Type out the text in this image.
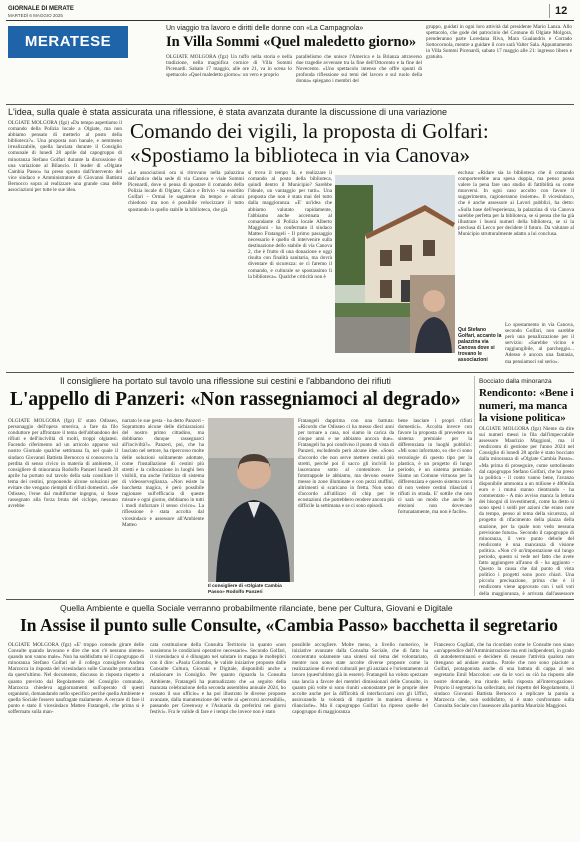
GIORNALE DI MERATE
MARTEDÌ 6 MAGGIO 2025	12
MERATESE
Un viaggio tra lavoro e diritti delle donne con «La Campagnola»
In Villa Sommi «Quel maledetto giorno»
OLGIATE MOLGORA (fgz) Un tuffo nella storia e nella tradizione, nella magnifica cornice di Villa Sommi Picenardi. Sabato 17 maggio, alle ore 21, va in scena lo spettacolo «Quel maledetto giorno»: un vero e proprio
parallelismo che unisce l'America e la Brianza attraverso due tragedie avvenute tra la fine dell'Ottocento e la fine del Novecento. «Uno spettacolo intenso che offre spunti di profonda riflessione sui temi del lavoro e sul ruolo della donna» spiegano i membri del
gruppo, guidati in ogni loro attività dal presidente Mario Lanza. Allo spettacolo, che gode del patrocinio del Comune di Olgiate Molgora, prenderanno parte Loredana Riva, Mara Gualandris e Corrado Sottocornola, mentre a guidare il coro sarà Valter Sala. Appuntamento in Villa Sommi Picenardi, sabato 17 maggio alle 21: ingresso libero e gratuito.
L'idea, sulla quale è stata assicurata una riflessione, è stata avanzata durante la discussione di una variazione
OLGIATE MOLGORA (fgz) «Da tempo aspettiamo il comando della Polizia locale a Olgiate, ma non abbiamo pensato di metterlo al posto della biblioteca?». Una proposta non banale, e nemmeno irrealizzabile, quella lanciata durante il Consiglio comunale di lunedì 28 aprile dal capogruppo di minoranza Stefano Golfari durante la discussione di una variazione al Bilancio. Il leader di «Olgiate Cambia Passo» ha preso spunto dall'intervento del vice sindaco e Amministratore di Giovanni Battista Bernocco sopra al realizzare una grande casa delle associazioni per tutte le sue idea.
Comando dei vigili, la proposta di Golfari:
«Spostiamo la biblioteca in via Canova»
«Le associazioni ora si ritrovano nella palazzina dell'antico della sede di via Canova e viale Sommi Picenardi, dove si pensa di spostare il comando della Polizia locale di Olgiate, Calco e Brivio - ha esordito Golfari - Ormai le sagatrene da tempo e alcuni chiedono ma non è possibile velocizzare il tutto spostando in quello stabile la biblioteca, che già
si trova il tempo fa, e realizzare il comando al posto della biblioteca, quindi dentro il Municipio? Sarebbe l'ideale, un vantaggio per tutti». Una proposta che non è stata mai del tutto dalla maggioranza. «E' un'idea che abbiamo valutato rapidamente, l'abbiamo anche accennata al comandante di Polizia locale Alberto Maggioni - ha confermato il sindaco Matteo Fratangeli - Il primo passaggio necessario è quello di intervenire sulla destinazione dello stabile di via Canova 2, che è frutto di una donazione e oggi risulta con finalità sanitaria, ma dovrà diventare di sicurezza: se ci faremo il comando, e culturale se spostassimo lì la biblioteca». Qualche criticità non è
Qui Stefano Golfari, accanto la palazzina via Canova dove si trovano le associazioni
esclusa: «Ridare sia la biblioteca che il comando comporterebbe una spesa doppia, ma penso possa valere la pena fare uno studio di fattibilità su come muoversi. In ogni caso accolto con favore il suggerimento, ragioneranno insieme». Il vicesindaco, che è anche assessore ai Lavori pubblici, ha detto: «Sulla base dell'esperienza, la palazzina di via Canova sarebbe perfetta per la biblioteca, se si pensa che ha già illustrare i buoni numeri della biblioteca, se si la preclusa di Lecco per decidere il futuro. Da valutare al Municipio strutturalmente adatto a lui conclusa.
Lo spostamento in via Canova, secondo Golfari, non sarebbe però una penalizzazione per il servizio: «Sarebbe vicino e raggiungibile, al parcheggio... Adesso è ancora una fantasia, ma pensiamoci sul serio».
Il consigliere ha portato sul tavolo una riflessione sui cestini e l'abbandono dei rifiuti
L'appello di Panzeri: «Non rassegniamoci al degrado»
OLGIATE MOLGORA (fgz) E' stato Odisseo, personaggio dell'opera omerica, a fare da filo conduttore per affrontare il tema dell'abbandono dei rifiuti e dell'inciviltà di molti, troppi olgiatesi. Facendo riferimento ad un articolo apparso sul nostro Giornale qualche settimana fa, nel quale il sindaco Giovanni Battista Bernocco si conosceva la perdita di senso civico in materia di ambiente, il consigliere di minoranza Rodolfo Panzeri lunedì 28 aprile ha portato sul tavolo della sala consiliare il tema dei cestini, proponendo alcune soluzioni per evitare che vengano riempiti di rifiuti domestici. «Se Odisseo, l'eroe dal multiforme ingegno, si fosse rassegnato alla forza bruta del ciclope, nessuno avrebbe
narrato le sue gesta - ha detto Panzeri - Soprattutto alcune delle dichiarazioni del nostro primo cittadino, ma dobbiamo dunque rassegnarci all'inciviltà?». Panzeri, poi, che ha lasciato nel settore, ha ripercorso molte delle soluzioni solitamente adottate, come l'installazione di cestini più stretti e la collocazione in luoghi ben visibili, ma anche l'utilizzo di sistema di videosorveglianza. «Non esiste la bacchetta magica, è però possibile ragionare sull'efficacia di queste misure e ogni giorno, dobbiamo in tutti i modi rinforzare il senso civico». La riflessione è stata accolta dal vicesindaco e assessore all'Ambiente Matteo
Il consigliere di «Olgiate Cambia Passo» Rodolfo Panzeri
Fratangeli dapprima con una battuta: «Ricordo che Odisseo ci ha messo dieci anni per tornare a casa, noi siamo in carica da cinque anni e ne abbiamo ancora due». Fratangeli ha poi condiviso il punto di vista di Panzeri, escludendo però alcune idee. «Sono d'accordo che non serve mettere cestini più stretti, perché poi il sacco gli incivili lo lasceranno sotto al contenitore. Le fototrappole le abbiamo, ma devono essere messe in zone illuminate e con pezzi stuffini, altrimenti si scaricano in fretta. Non sono d'accordo all'utilizzo di chip per le ecostazioni che potrebbero rendere ancora più difficile la settimana e se ci sono episodi.
bene lasciare i propri rifiuti domestici». Accolta invece con favore la proposta di prevedere un sistema premiale per la differenziata in luoghi pubblici: «Mi sono informato, so che ci sono tecnologie di questo tipo per la plastica, è un progetto di lungo periodo, è un sistema premiale. Siamo un Comune virtuoso per la differenziata e questo sistema cerca di non vedere cestini rilasciati i rifiuti in strada. E' sottile che non ci sarà un modo che anche le elezioni non dovevano fortunatamente, ma non è facile».
Bocciato dalla minoranza
Rendiconto: «Bene i numeri, ma manca la visione politica»
OLGIATE MOLGORA (fgz) Niente da dire sui numeri messi in fila dall'impeccabile assessore Maurizio Maggioni, ma il rendiconto di gestione per l'anno 2024 nel Consiglio di lunedì 28 aprile è stato bocciato dalla minoranza di «Olgiate Cambia Passo». «Ma prima di proseguire, come sottolineato dal capogruppo Stefano Golfari, che ha preso la politica - il conto vanno bene, l'avanzo disponibile ammonta a un milione e 400mila euro e i mutui stanno rientrando - ha commentato - A mio avviso manca la lettura dei bisogni di investimenti, come ha detto si sono spesi i soldi per azioni che erano note da tempo, penso al tema della sicurezza, al progetto di rifacimento della piazza della stazione, per la quale non vedo nessuna previsione futura». Secondo il capogruppo di minoranza, il vero punto debole del rendiconto è una mancanza di visione politica. «Non c'è un'impostazione sul lungo periodo, questo si vede nel fatto che avete fatto aggiungere all'anno di - ha aggiunto - Questo la causa che dal punto di vista politico i progetti sono poco chiari. Una piccola precisazione, prima che è il rendiconto viene approvato con i soli voti della maggioranza, è arrivata dall'assessore
Quella Ambiente e quella Sociale verranno probabilmente rilanciate, bene per Cultura, Giovani e Digitale
In Assise il punto sulle Consulte, «Cambia Passo» bacchetta il segretario
OLGIATE MOLGORA (fgz) «E' troppo comodo girare delle Consulte quando lavorano e dire che non c'è nessuno niente» quando non vanno male». Non ha soddisfatto né il capogruppo di minoranza Stefano Golfari né il collega consigliere Andrea Marzocca la risposta del vicesindaco sulle Consulte protocollata da quest'ultimo. Nel documento, discusso in risposta rispetto a quanto previsto dal Regolamento del Consiglio comunale, Marzocca chiedeva aggiornamenti sull'operato di questi organismi, domandando nello specifico perché quella Ambiente e quella Sociale fossero naufragate malamente. A cercare di fare il punto e stato il vicesindaco Matteo Fratangeli, che prima si è soffermato sulla man-
cata costituzione della Consulta Territorio in quanto «non sussistono le condizioni operative necessarie». Secondo Golfari, il vicesindaco si è dilungato nel salutare in mappa le molteplici con il dire: «Paola Colombo, le valide iniziative proposte dalle Consulte Cultura, Giovani e Digitale, disponibili anche a relazionare in Consiglio. Per quanto riguarda la Consulta Ambiente, Fratangeli ha puntualizzato che «a seguito della mancata celebrazione della seconda assemblea annuale 2024, ho cessato il suo ufficio» e ha poi illustrato le diverse proposte avanzate, dalla manutenzione del verde ai «percorsi accessibili», passando per Greenway e l'Asinaria da preferirsi nei giorni festivi». Fra le valide di fare e i tempi che invece non è stato
possibile accogliere. Molte meno, a livello numerico, le iniziative avanzate dalla Consulta Sociale, che di fatto ha concentrato solamente una sintesi sul tema del volontariato, mentre non sono state accolte diverse proposte come la realizzazione di eventi culturali per gli anziani e l'orientamento al lavoro (quest'ultimo già in essere). Fratangeli ha voluto spezzare una lancia a favore dei membri dimissionari delle Consulte, in quanto più volte si sono riuniti «nonostante per le proprie idee accolte anche per la difficoltà di interfacciarsi con gli Uffici, assicurando la volontà di ripartire in maniera diversa e rilanciarle». Ma il capogruppo Golfari ha ripreso quelle del capogruppo di maggioranza
Francesco Cogliati, che ha ricordato come le Consulte non siano «un'appendice dell'Amministrazione ma enti indipendenti, in grado di autodeterminarsi e decidere di cessare l'attività qualora non ritengano ad andare avanti». Parole che non sono piaciute a Golfari, protagonista anche di una battuta di cappa al neo segretario Emil Maccolon: «se da le voci su ciò ha risposto alle nostre domande, ma ritardo nella risposta all'interrogazione. Proprio il segretario ha sollecitato, nel rispetto del Regolamento, il sindaco Giovanni Battista Bernocco a replicare la parola a Marzocca che, non soddisfatto, si è stato confrontato sulla Consulta Sociale con l'assessore alla partita Maurizio Maggioni.
